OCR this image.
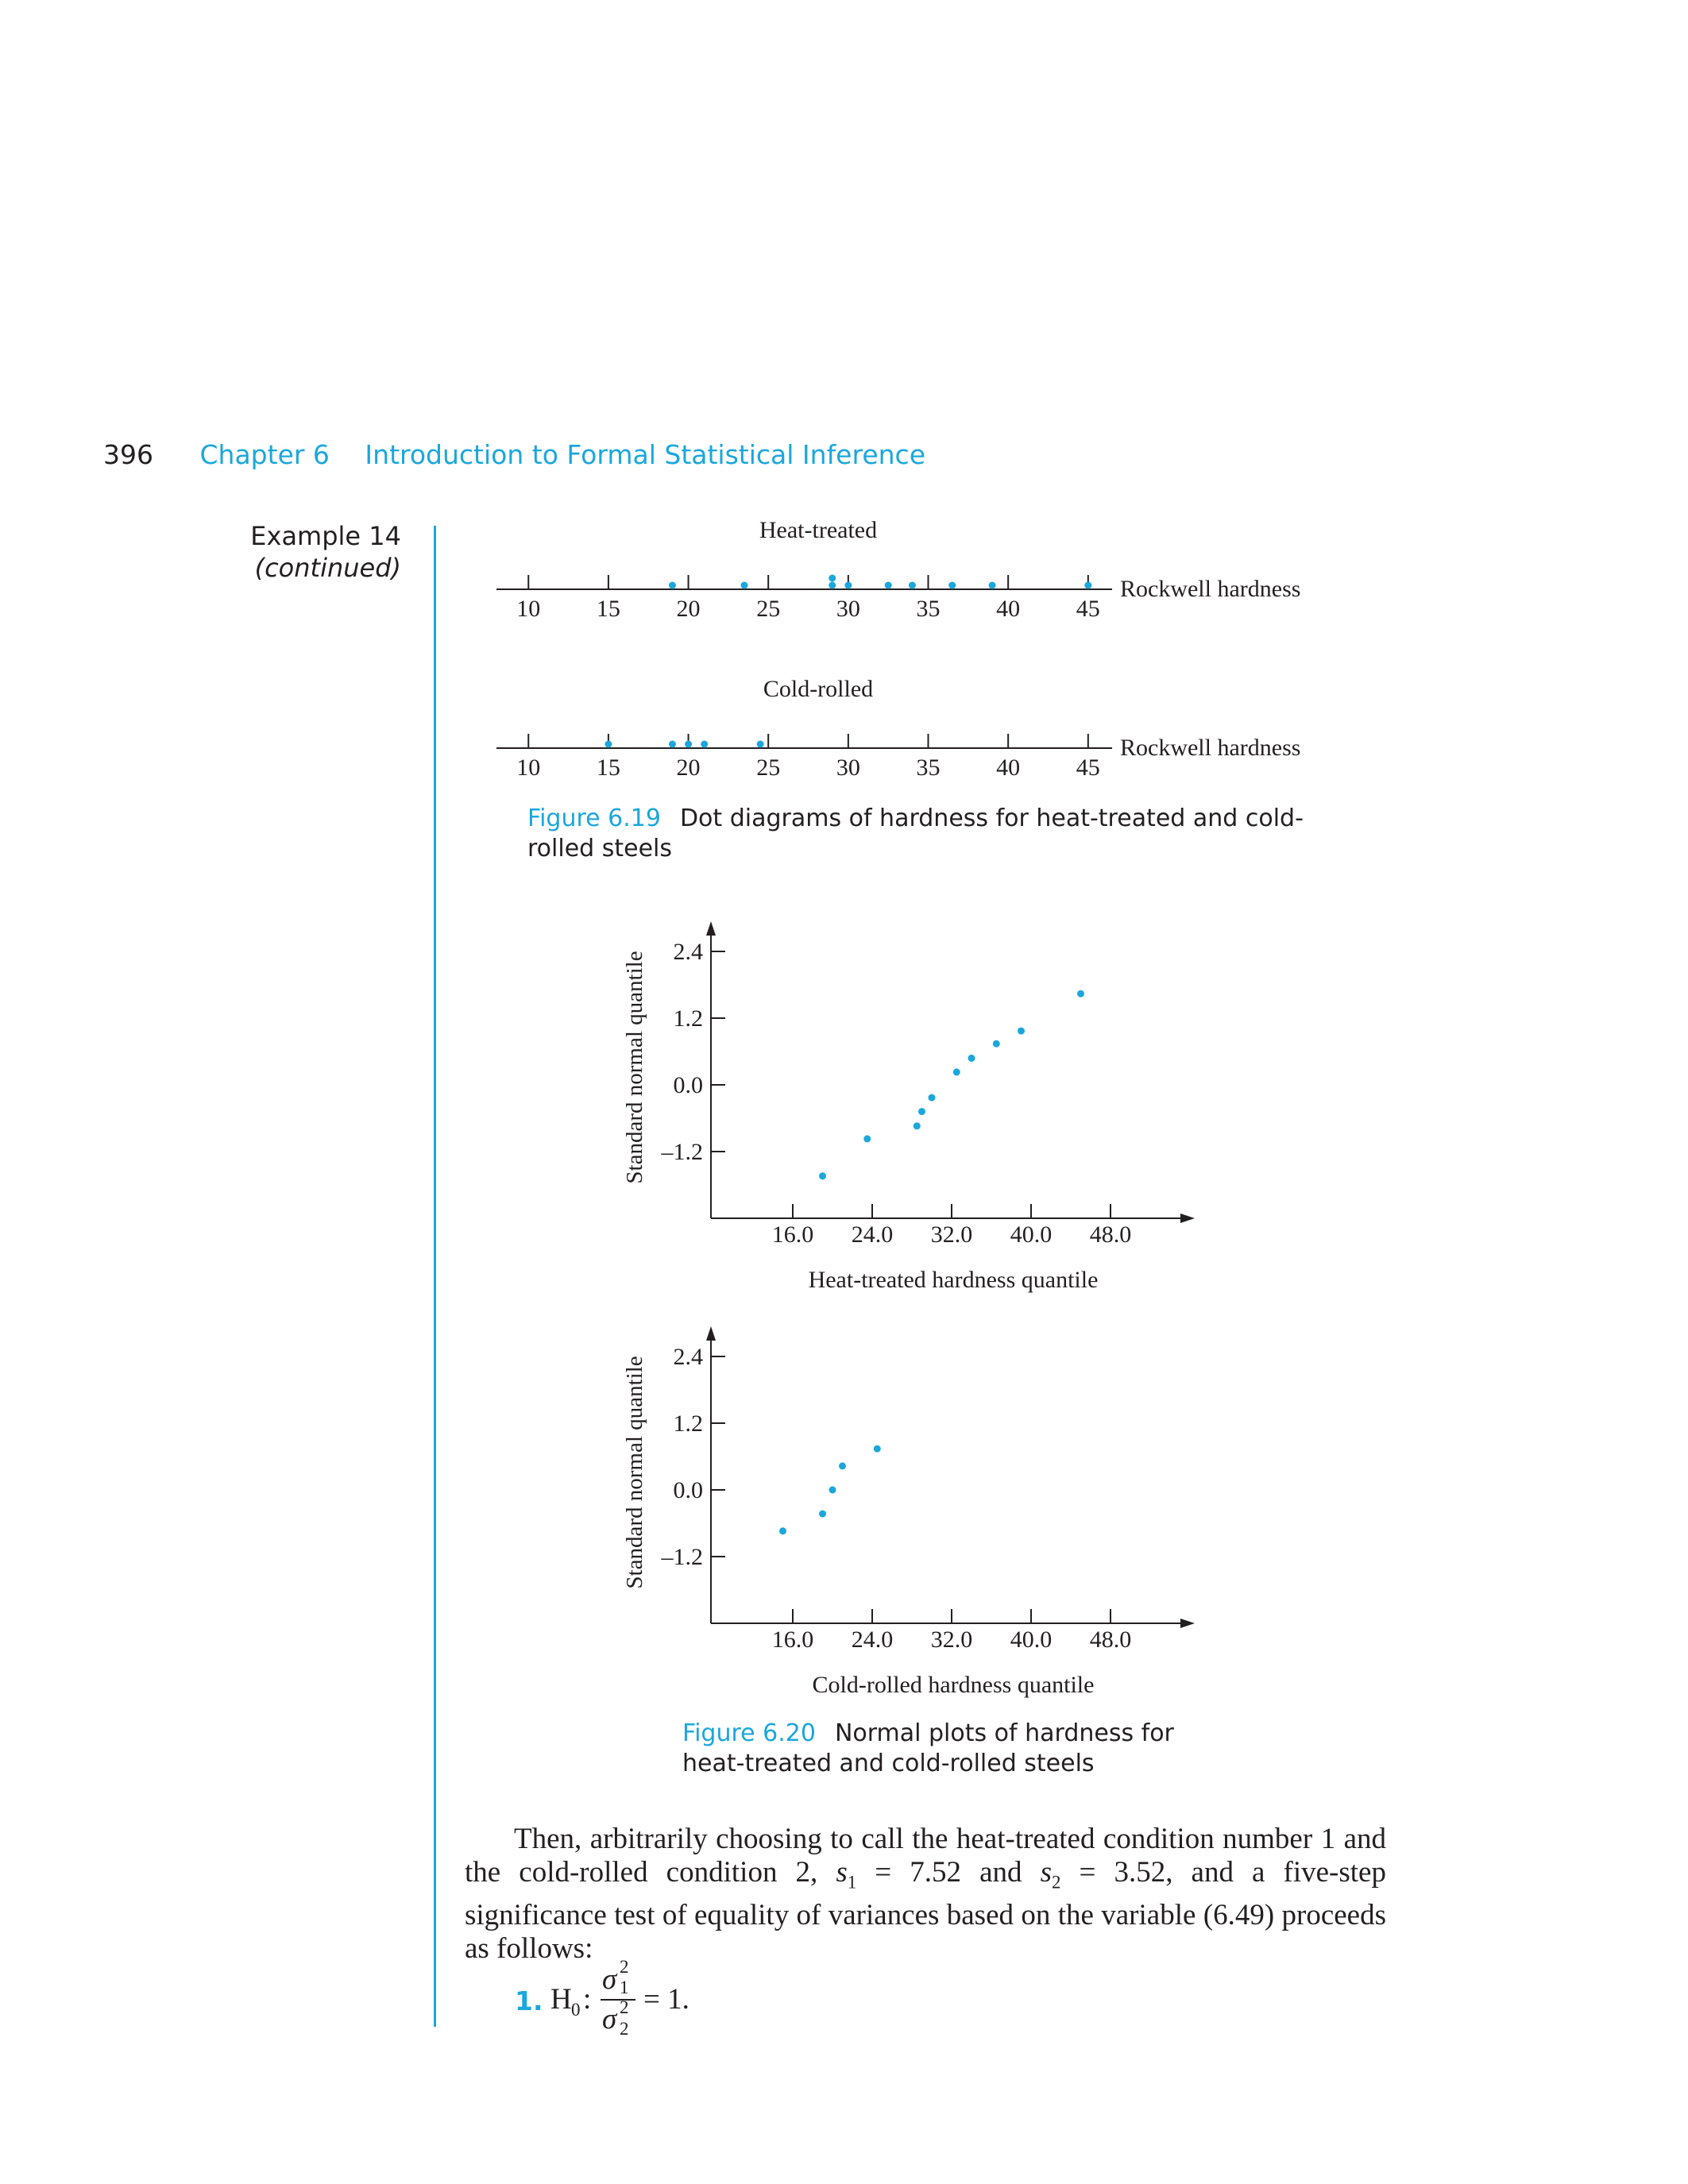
396 Chapter 6 Introduction to Formal Statistical Inference
Example 14
(continued)
Heat-treated
10 15 20 25 30 35 40 45
Rockwell hardness
Cold-rolled
10 15 20 25 30 35 40 45
Rockwell hardness
Figure 6.19 Dot diagrams of hardness for heat-treated and cold-rolled steels
16.0 24.0 32.0 40.0 48.0
2.4
1.2
0.0
–1.2
Standard normal quantile
Heat-treated hardness quantile
16.0 24.0 32.0 40.0 48.0
2.4
1.2
0.0
–1.2
Standard normal quantile
Cold-rolled hardness quantile
Figure 6.20 Normal plots of hardness for heat-treated and cold-rolled steels
Then, arbitrarily choosing to call the heat-treated condition number 1 and the cold-rolled condition 2, $s_1 = 7.52$ and $s_2 = 3.52$, and a five-step significance test of equality of variances based on the variable (6.49) proceeds as follows:
1. H 0 :
σ 2
1
σ 2
2
= 1.
